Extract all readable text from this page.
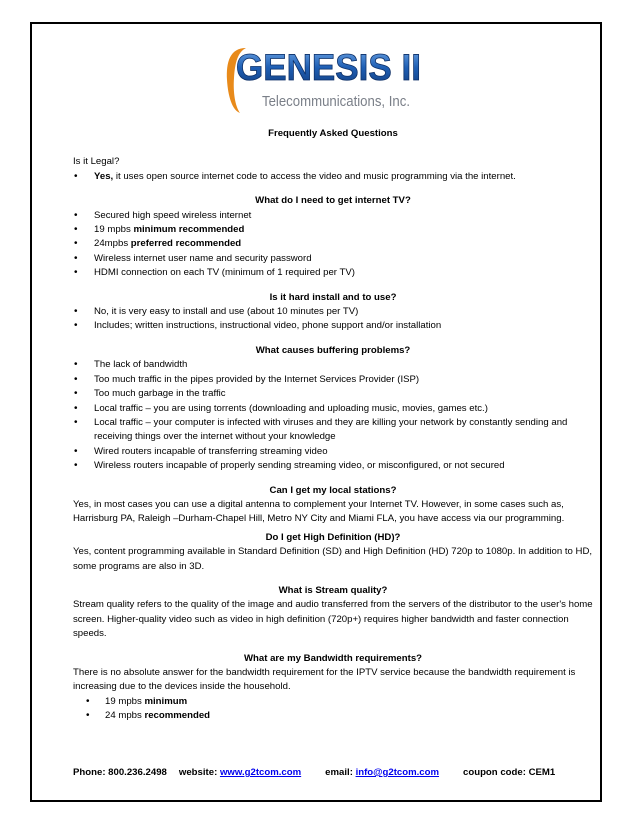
GENESIS II
Telecommunications, Inc.
Frequently Asked Questions
Is it Legal?
• Yes, it uses open source internet code to access the video and music programming via the internet.
What do I need to get internet TV?
• Secured high speed wireless internet
• 19 mpbs minimum recommended
• 24mpbs preferred recommended
• Wireless internet user name and security password
• HDMI connection on each TV (minimum of 1 required per TV)
Is it hard install and to use?
• No, it is very easy to install and use (about 10 minutes per TV)
• Includes; written instructions, instructional video, phone support and/or installation
What causes buffering problems?
• The lack of bandwidth
• Too much traffic in the pipes provided by the Internet Services Provider (ISP)
• Too much garbage in the traffic
• Local traffic – you are using torrents (downloading and uploading music, movies, games etc.)
• Local traffic – your computer is infected with viruses and they are killing your network by constantly sending and receiving things over the internet without your knowledge
• Wired routers incapable of transferring streaming video
• Wireless routers incapable of properly sending streaming video, or misconfigured, or not secured
Can I get my local stations?

Yes, in most cases you can use a digital antenna to complement your Internet TV. However, in some cases such as, Harrisburg PA, Raleigh –Durham-Chapel Hill, Metro NY City and Miami FLA, you have access via our programming.

Do I get High Definition (HD)?

Yes, content programming available in Standard Definition (SD) and High Definition (HD) 720p to 1080p. In addition to HD, some programs are also in 3D.

What is Stream quality?

Stream quality refers to the quality of the image and audio transferred from the servers of the distributor to the user's home screen. Higher-quality video such as video in high definition (720p+) requires higher bandwidth and faster connection speeds.

What are my Bandwidth requirements?

There is no absolute answer for the bandwidth requirement for the IPTV service because the bandwidth requirement is increasing due to the devices inside the household.

• 19 mpbs minimum
• 24 mpbs recommended
Phone: 800.236.2498 website: www.g2tcom.com	email: info@g2tcom.com	coupon code: CEM1
